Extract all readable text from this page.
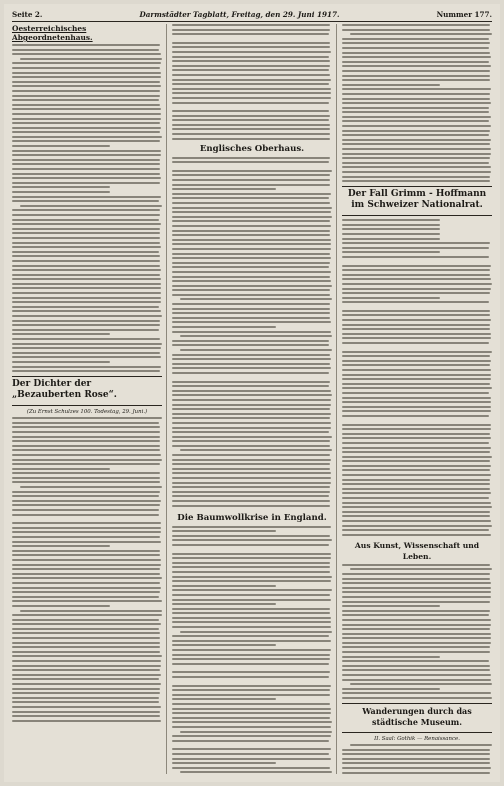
Seite 2.	Darmstädter Tagblatt, Freitag, den 29. Juni 1917.	Nummer 177.
Oesterreichisches Abgeordnetenhaus.
Der Dichter der „Bezauberten Rose“.
(Zu Ernst Schulzes 100. Todestag, 29. Juni.)
Englisches Oberhaus.
Die Baumwollkrise in England.
Der Fall Grimm - Hoffmann im Schweizer Nationalrat.
Aus Kunst, Wissenschaft und Leben.
Wanderungen durch das städtische Museum.
II. Saal: Gothik — Renaissance.
